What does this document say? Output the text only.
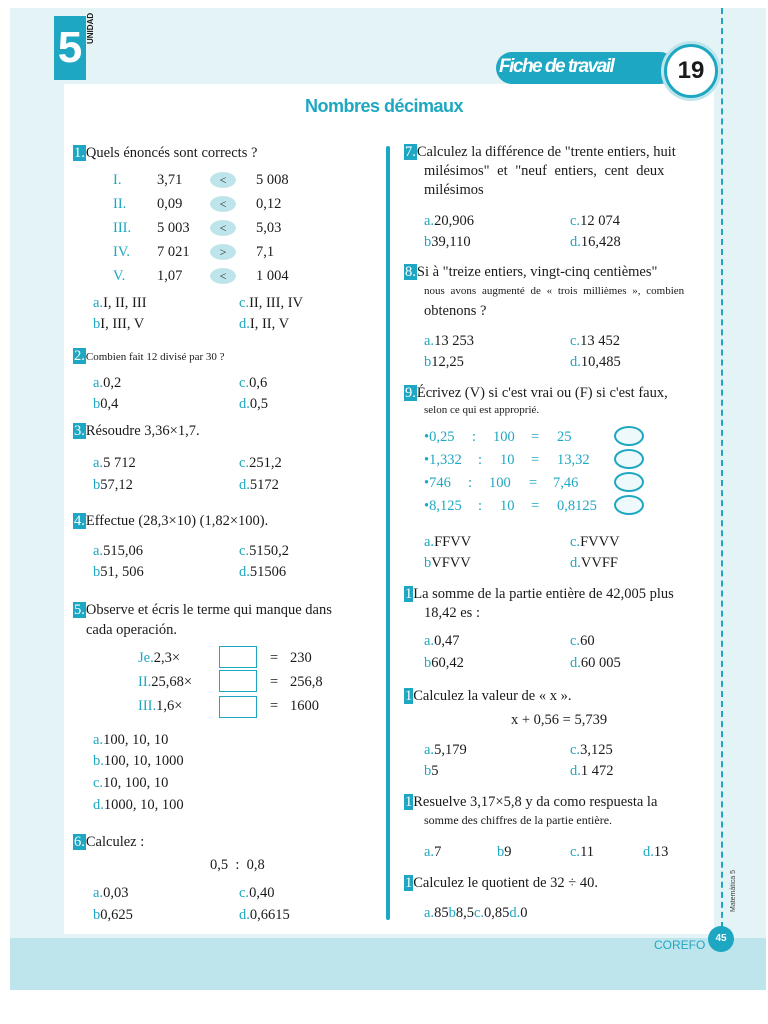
5 UNIDAD
Fiche de travail	19
Nombres décimaux
1.Quels énoncés sont corrects ?
I. 3,71	<	5 008
II. 0,09	<	0,12
III. 5 003	<	5,03
IV. 7 021	>	7,1
V. 1,07	<	1 004
a.I, II, III	c.II, III, IV
bI, III, V	d.I, II, V
2.Combien fait 12 divisé par 30 ?
a.0,2	c.0,6
b0,4	d.0,5
3.Résoudre 3,36×1,7.
a.5 712	c.251,2
b57,12	d.5172
4.Effectue (28,3×10) (1,82×100).
a.515,06	c.5150,2
b51, 506	d.51506
5.Observe et écris le terme qui manque dans
cada operación.
Je.2,3×	= 230
II.25,68×	= 256,8
III.1,6×	= 1600
a.100, 10, 10
b.100, 10, 1000
c.10, 100, 10
d.1000, 10, 100
6.Calculez :
0,5  :  0,8
a.0,03	c.0,40
b0,625	d.0,6615
7.Calculez la différence de "trente entiers, huit
milésimos" et "neuf entiers, cent deux
milésimos
a.20,906	c.12 074
b39,110	d.16,428
8.Si à "treize entiers, vingt-cinq centièmes"
nous avons augmenté de « trois millièmes », combien
obtenons ?
a.13 253	c.13 452
b12,25	d.10,485
9.Écrivez (V) si c'est vrai ou (F) si c'est faux,
selon ce qui est approprié.
•0,25 : 100 = 25
•1,332 : 10 = 13,32
•746 : 100 = 7,46
•8,125 : 10 = 0,8125
a.FFVV	c.FVVV
bVFVV	d.VVFF
1La somme de la partie entière de 42,005 plus
18,42 es :
a.0,47	c.60
b60,42	d.60 005
1Calculez la valeur de « x ».
x + 0,56 = 5,739
a.5,179	c.3,125
b5	d.1 472
1Resuelve 3,17×5,8 y da como respuesta la
somme des chiffres de la partie entière.
a.7	b9	c.11	d.13
1Calculez le quotient de 32 ÷ 40.
a.85b8,5c.0,85d.0
Matemática 5
COREFO	45
